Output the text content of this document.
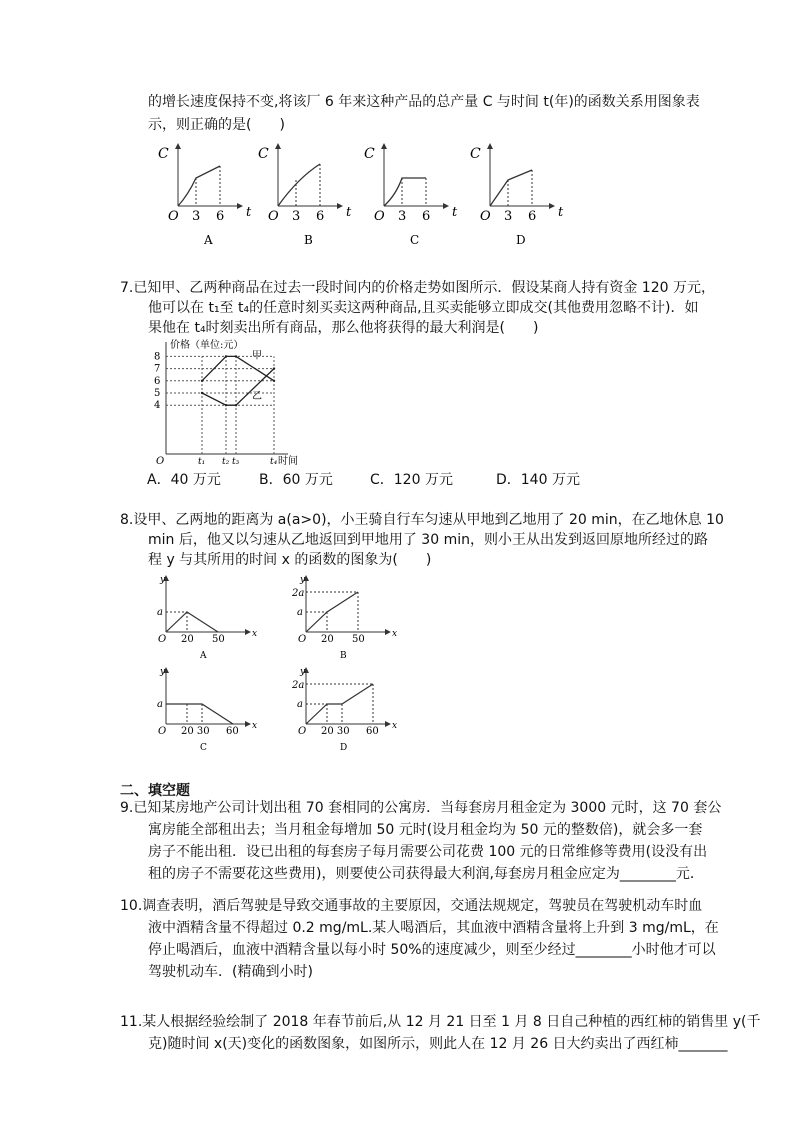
的增长速度保持不变,将该厂 6 年来这种产品的总产量 C 与时间 t(年)的函数关系用图象表
示，则正确的是(　　)
C
t
O 3 6
A
C
t
O 3 6
B
C
t
O 3 6
C
C
t
O 3 6
D
7.已知甲、乙两种商品在过去一段时间内的价格走势如图所示．假设某商人持有资金 120 万元，
他可以在 t₁至 t₄的任意时刻买卖这两种商品,且买卖能够立即成交(其他费用忽略不计)．如
果他在 t₄时刻卖出所有商品，那么他将获得的最大利润是(　　)
价格（单位:元）
时间
O
8
7
6
5
4
t₁ t₂ t₃	t₄
甲
乙
A．40 万元	B．60 万元	C．120 万元	D．140 万元
8.设甲、乙两地的距离为 a(a>0)，小王骑自行车匀速从甲地到乙地用了 20 min，在乙地休息 10
min 后，他又以匀速从乙地返回到甲地用了 30 min，则小王从出发到返回原地所经过的路
程 y 与其所用的时间 x 的函数的图象为(　　)
y
x
a
O 20 50
A
y
x
2a
a
O 20 50
B
y
x
a
O 20 30 60
C
y
x
2a
a
O 20 30 60
D
二、填空题
9.已知某房地产公司计划出租 70 套相同的公寓房．当每套房月租金定为 3000 元时，这 70 套公
寓房能全部租出去；当月租金每增加 50 元时(设月租金均为 50 元的整数倍)，就会多一套
房子不能出租．设已出租的每套房子每月需要公司花费 100 元的日常维修等费用(设没有出
租的房子不需要花这些费用)，则要使公司获得最大利润,每套房月租金应定为________元．
10.调查表明，酒后驾驶是导致交通事故的主要原因，交通法规规定，驾驶员在驾驶机动车时血
液中酒精含量不得超过 0.2 mg/mL.某人喝酒后，其血液中酒精含量将上升到 3 mg/mL，在
停止喝酒后，血液中酒精含量以每小时 50%的速度减少，则至少经过________小时他才可以
驾驶机动车．(精确到小时)
11.某人根据经验绘制了 2018 年春节前后,从 12 月 21 日至 1 月 8 日自己种植的西红柿的销售里 y(千
克)随时间 x(天)变化的函数图象，如图所示，则此人在 12 月 26 日大约卖出了西红柿_______
